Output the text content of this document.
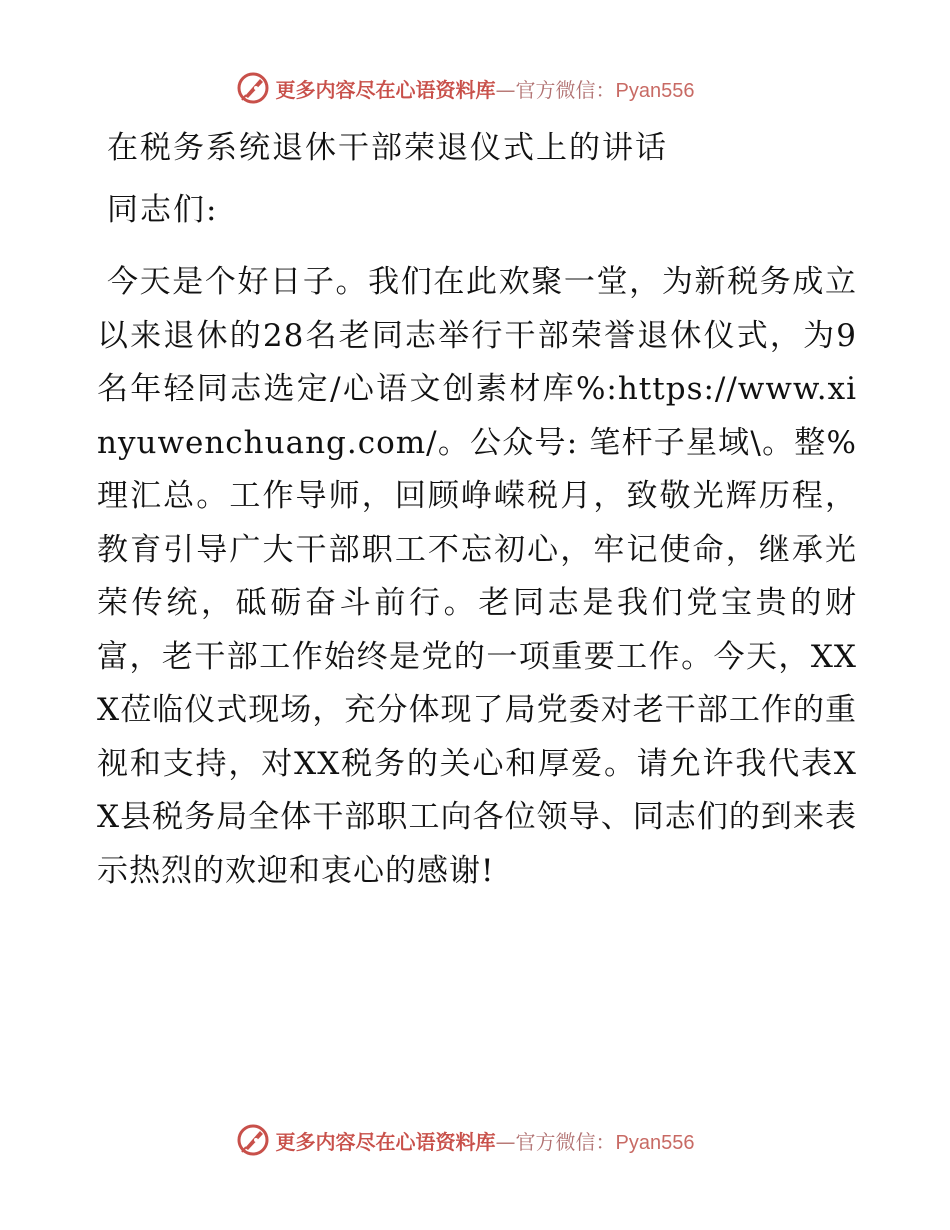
更多内容尽在心语资料库—官方微信：Pyan556
在税务系统退休干部荣退仪式上的讲话

同志们:

今天是个好日子。我们在此欢聚一堂，为新税务成立以来退休的28名老同志举行干部荣誉退休仪式，为9名年轻同志选定/心语文创素材库%:https://www.xinyuwenchuang.com/。公众号: 笔杆子星域\。整%理汇总。工作导师，回顾峥嵘税月，致敬光辉历程，教育引导广大干部职工不忘初心，牢记使命，继承光荣传统，砥砺奋斗前行。老同志是我们党宝贵的财富，老干部工作始终是党的一项重要工作。今天，XXX莅临仪式现场，充分体现了局党委对老干部工作的重视和支持，对XX税务的关心和厚爱。请允许我代表XX县税务局全体干部职工向各位领导、同志们的到来表示热烈的欢迎和衷心的感谢!

更多内容尽在心语资料库—官方微信：Pyan556
